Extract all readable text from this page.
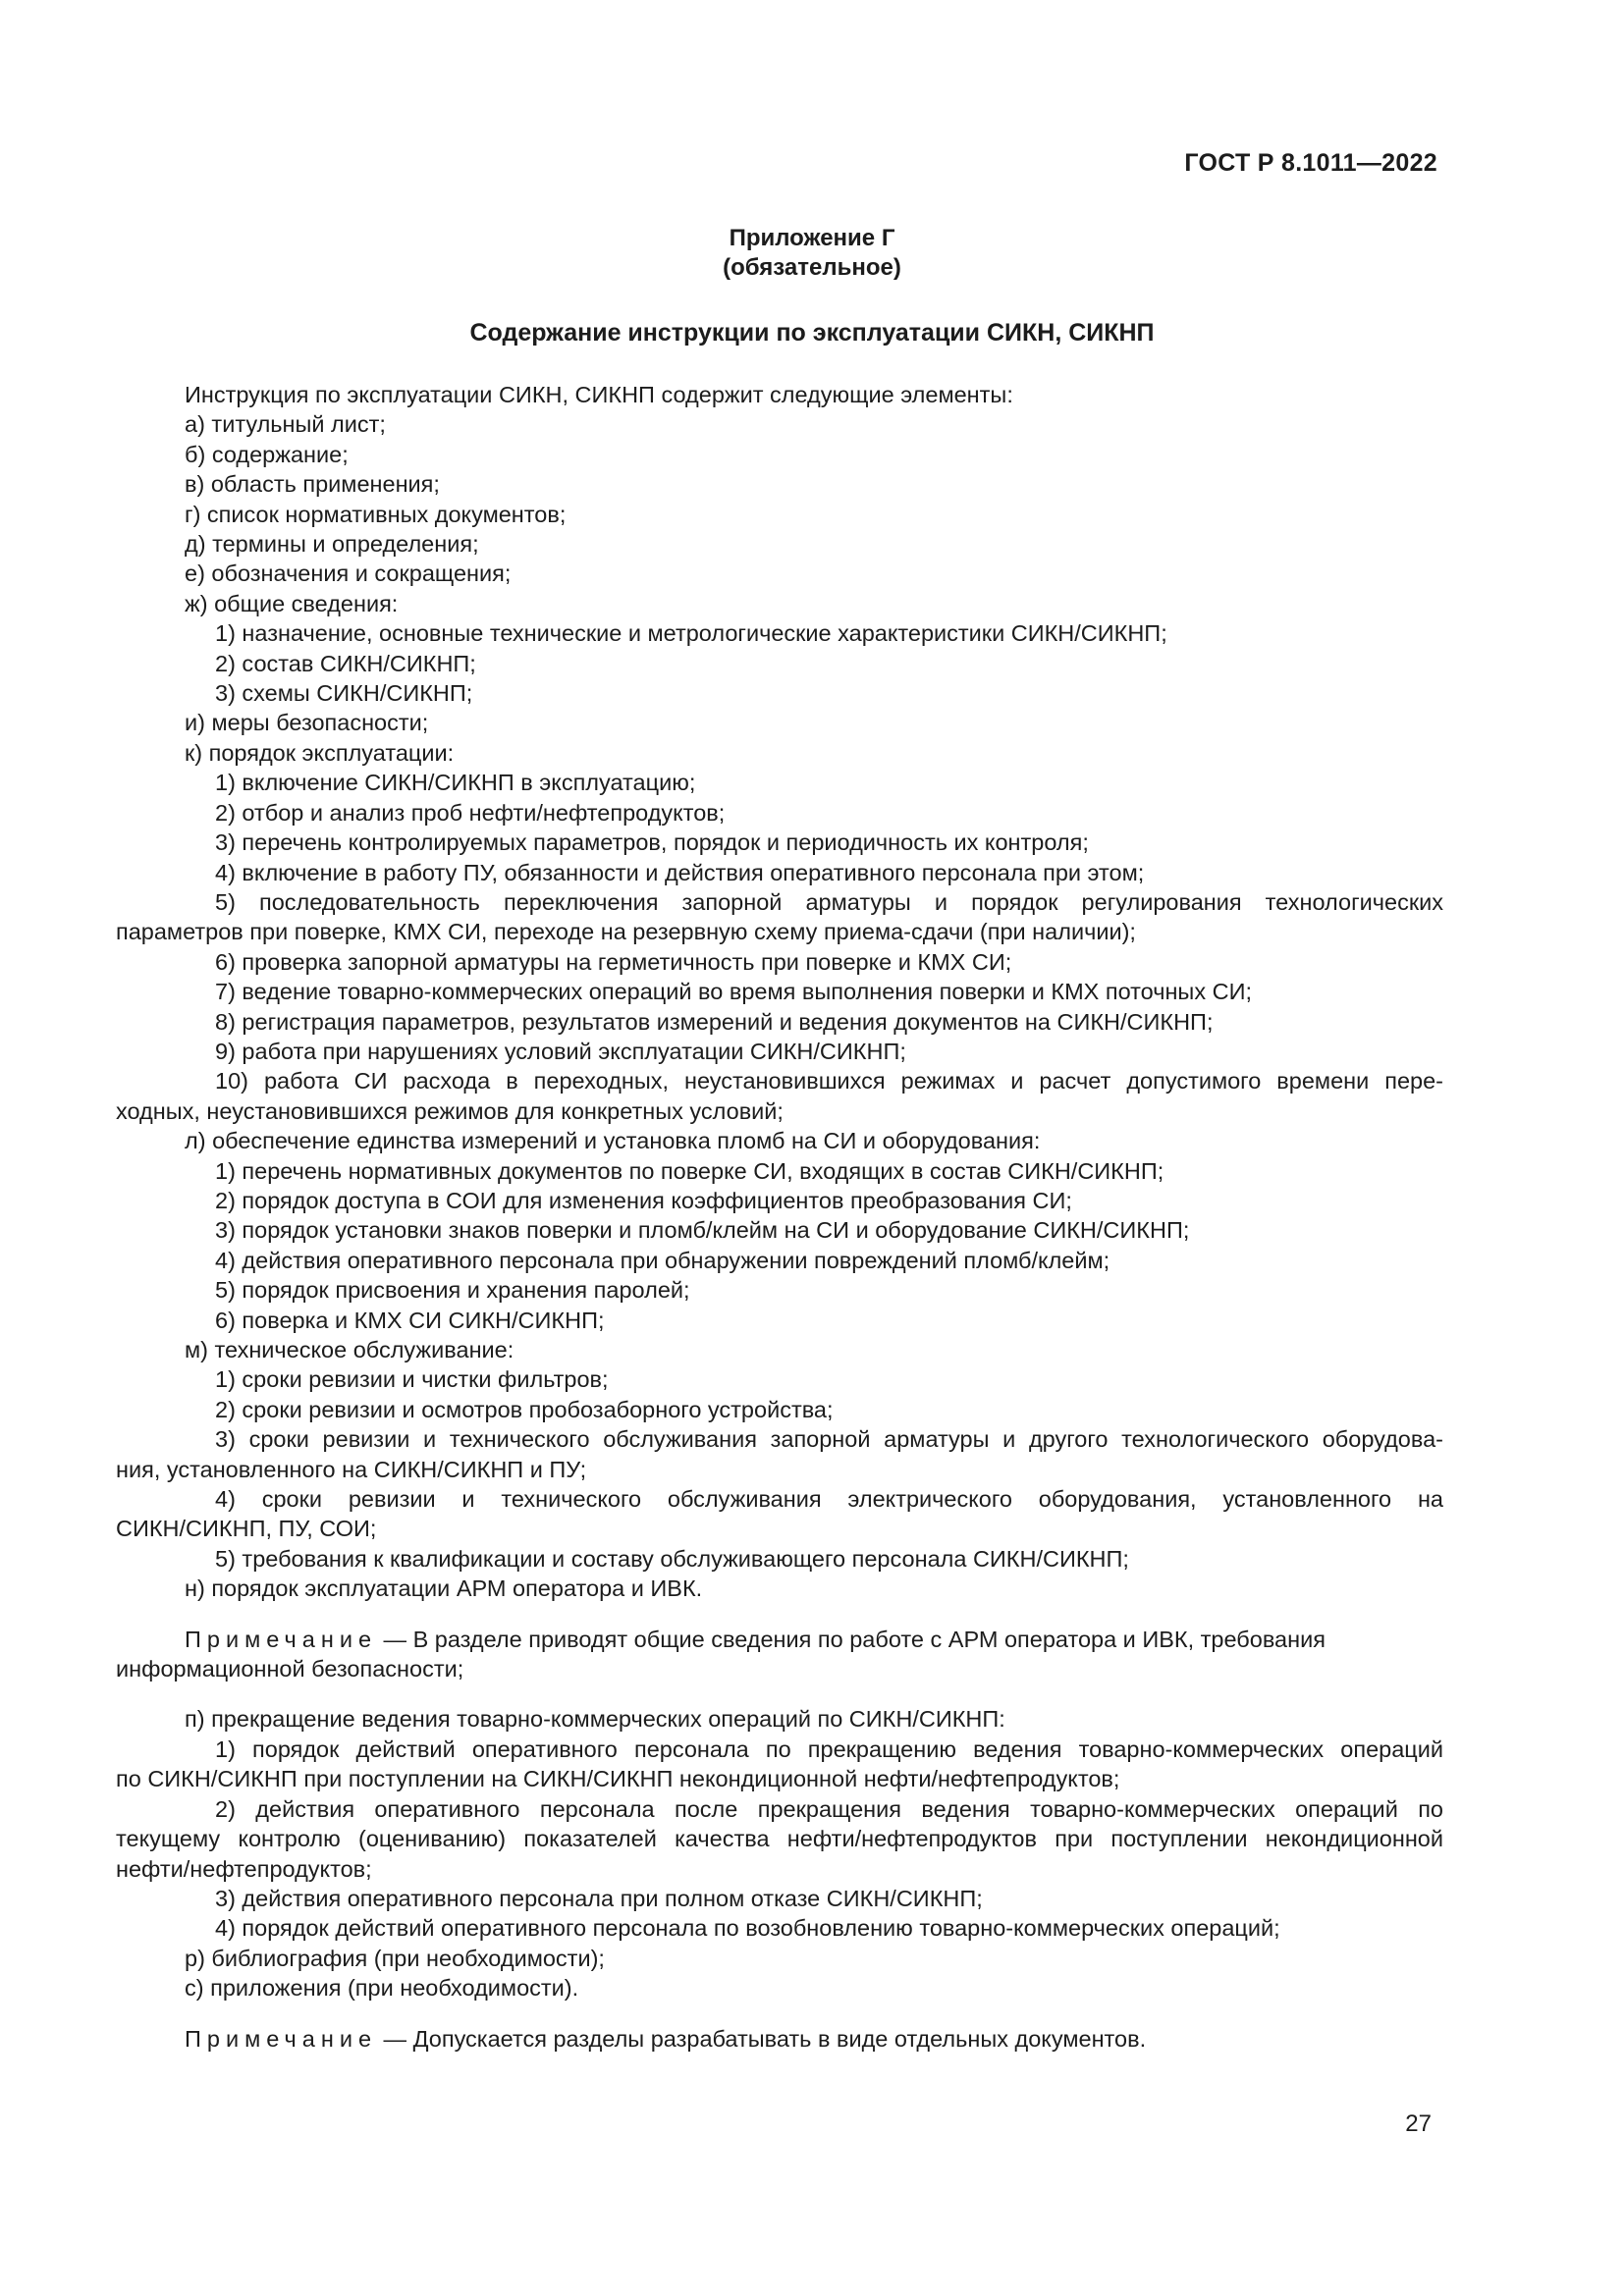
ГОСТ Р 8.1011—2022
Приложение Г
(обязательное)
Содержание инструкции по эксплуатации СИКН, СИКНП

Инструкция по эксплуатации СИКН, СИКНП содержит следующие элементы:

а) титульный лист;

б) содержание;

в) область применения;

г) список нормативных документов;

д) термины и определения;

е) обозначения и сокращения;

ж) общие сведения:

1) назначение, основные технические и метрологические характеристики СИКН/СИКНП;

2) состав СИКН/СИКНП;

3) схемы СИКН/СИКНП;

и) меры безопасности;

к) порядок эксплуатации:

1) включение СИКН/СИКНП в эксплуатацию;

2) отбор и анализ проб нефти/нефтепродуктов;

3) перечень контролируемых параметров, порядок и периодичность их контроля;

4) включение в работу ПУ, обязанности и действия оперативного персонала при этом;

5) последовательность переключения запорной арматуры и порядок регулирования технологических

параметров при поверке, КМХ СИ, переходе на резервную схему приема-сдачи (при наличии);

6) проверка запорной арматуры на герметичность при поверке и КМХ СИ;

7) ведение товарно-коммерческих операций во время выполнения поверки и КМХ поточных СИ;

8) регистрация параметров, результатов измерений и ведения документов на СИКН/СИКНП;

9) работа при нарушениях условий эксплуатации СИКН/СИКНП;

10) работа СИ расхода в переходных, неустановившихся режимах и расчет допустимого времени пере-

ходных, неустановившихся режимов для конкретных условий;

л) обеспечение единства измерений и установка пломб на СИ и оборудования:

1) перечень нормативных документов по поверке СИ, входящих в состав СИКН/СИКНП;

2) порядок доступа в СОИ для изменения коэффициентов преобразования СИ;

3) порядок установки знаков поверки и пломб/клейм на СИ и оборудование СИКН/СИКНП;

4) действия оперативного персонала при обнаружении повреждений пломб/клейм;

5) порядок присвоения и хранения паролей;

6) поверка и КМХ СИ СИКН/СИКНП;

м) техническое обслуживание:

1) сроки ревизии и чистки фильтров;

2) сроки ревизии и осмотров пробозаборного устройства;

3) сроки ревизии и технического обслуживания запорной арматуры и другого технологического оборудова-

ния, установленного на СИКН/СИКНП и ПУ;

4) сроки ревизии и технического обслуживания электрического оборудования, установленного на

СИКН/СИКНП, ПУ, СОИ;

5) требования к квалификации и составу обслуживающего персонала СИКН/СИКНП;

н) порядок эксплуатации АРМ оператора и ИВК.

Примечание — В разделе приводят общие сведения по работе с АРМ оператора и ИВК, требования

информационной безопасности;

п) прекращение ведения товарно-коммерческих операций по СИКН/СИКНП:

1) порядок действий оперативного персонала по прекращению ведения товарно-коммерческих операций

по СИКН/СИКНП при поступлении на СИКН/СИКНП некондиционной нефти/нефтепродуктов;

2) действия оперативного персонала после прекращения ведения товарно-коммерческих операций по

текущему контролю (оцениванию) показателей качества нефти/нефтепродуктов при поступлении некондиционной

нефти/нефтепродуктов;

3) действия оперативного персонала при полном отказе СИКН/СИКНП;

4) порядок действий оперативного персонала по возобновлению товарно-коммерческих операций;

р) библиография (при необходимости);

с) приложения (при необходимости).

Примечание — Допускается разделы разрабатывать в виде отдельных документов.

27
